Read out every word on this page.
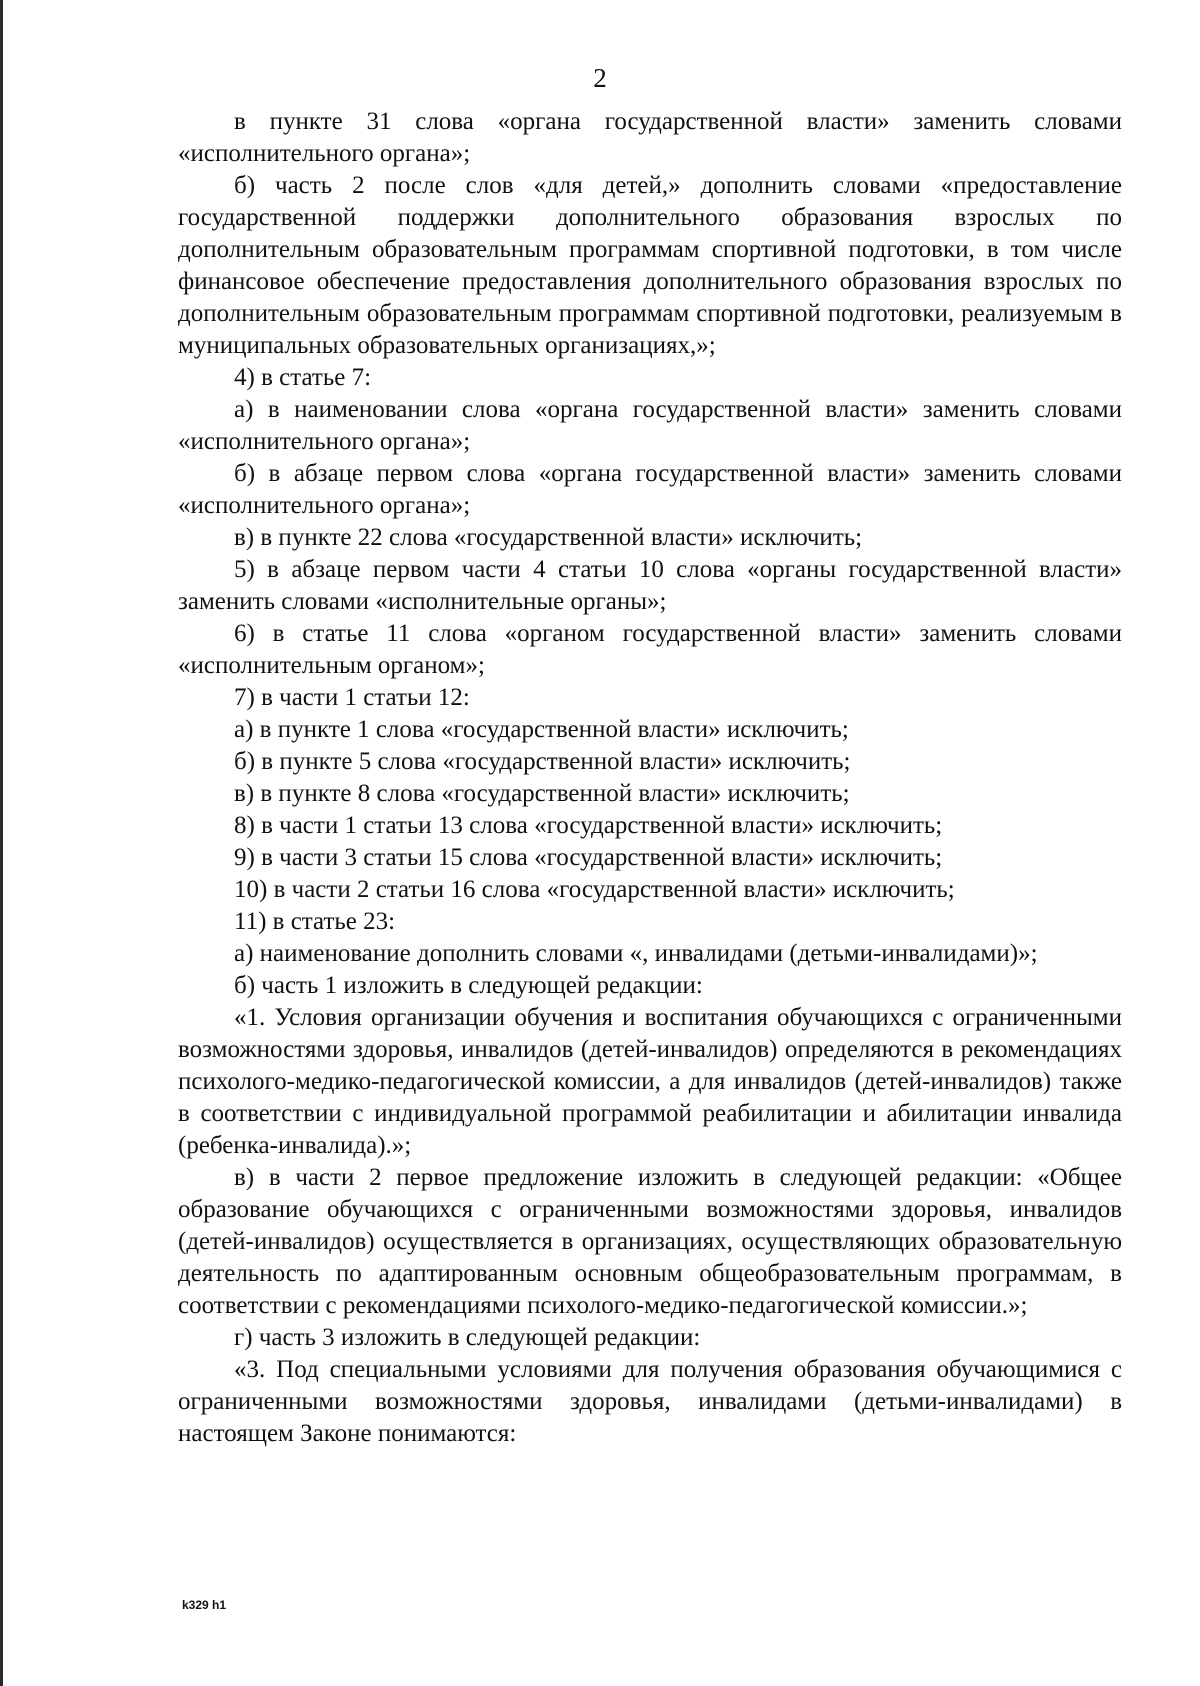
2

в пункте 31 слова «органа государственной власти» заменить словами «исполнительного органа»;

б) часть 2 после слов «для детей,» дополнить словами «предоставление государственной поддержки дополнительного образования взрослых по дополнительным образовательным программам спортивной подготовки, в том числе финансовое обеспечение предоставления дополнительного образования взрослых по дополнительным образовательным программам спортивной подготовки, реализуемым в муниципальных образовательных организациях,»;

4) в статье 7:

а) в наименовании слова «органа государственной власти» заменить словами «исполнительного органа»;

б) в абзаце первом слова «органа государственной власти» заменить словами «исполнительного органа»;

в) в пункте 22 слова «государственной власти» исключить;

5) в абзаце первом части 4 статьи 10 слова «органы государственной власти» заменить словами «исполнительные органы»;

6) в статье 11 слова «органом государственной власти» заменить словами «исполнительным органом»;

7) в части 1 статьи 12:

а) в пункте 1 слова «государственной власти» исключить;

б) в пункте 5 слова «государственной власти» исключить;

в) в пункте 8 слова «государственной власти» исключить;

8) в части 1 статьи 13 слова «государственной власти» исключить;

9) в части 3 статьи 15 слова «государственной власти» исключить;

10) в части 2 статьи 16 слова «государственной власти» исключить;

11) в статье 23:

а) наименование дополнить словами «, инвалидами (детьми-инвалидами)»;

б) часть 1 изложить в следующей редакции:

«1. Условия организации обучения и воспитания обучающихся с ограниченными возможностями здоровья, инвалидов (детей-инвалидов) определяются в рекомендациях психолого-медико-педагогической комиссии, а для инвалидов (детей-инвалидов) также в соответствии с индивидуальной программой реабилитации и абилитации инвалида (ребенка-инвалида).»;

в) в части 2 первое предложение изложить в следующей редакции: «Общее образование обучающихся с ограниченными возможностями здоровья, инвалидов (детей-инвалидов) осуществляется в организациях, осуществляющих образовательную деятельность по адаптированным основным общеобразовательным программам, в соответствии с рекомендациями психолого-медико-педагогической комиссии.»;

г) часть 3 изложить в следующей редакции:

«3. Под специальными условиями для получения образования обучающимися с ограниченными возможностями здоровья, инвалидами (детьми-инвалидами) в настоящем Законе понимаются:

k329 h1
